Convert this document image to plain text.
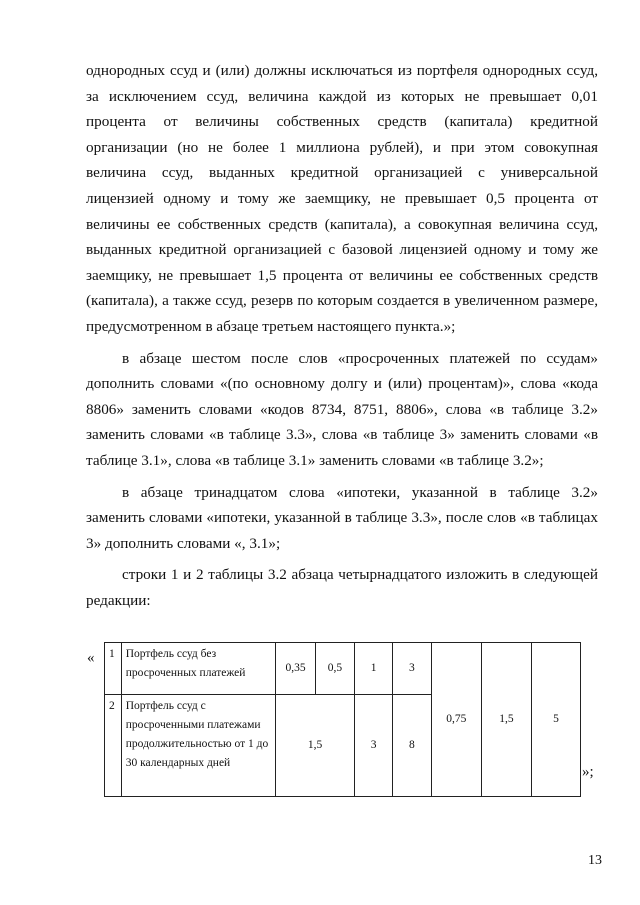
однородных ссуд и (или) должны исключаться из портфеля однородных ссуд, за исключением ссуд, величина каждой из которых не превышает 0,01 процента от величины собственных средств (капитала) кредитной организации (но не более 1 миллиона рублей), и при этом совокупная величина ссуд, выданных кредитной организацией с универсальной лицензией одному и тому же заемщику, не превышает 0,5 процента от величины ее собственных средств (капитала), а совокупная величина ссуд, выданных кредитной организацией с базовой лицензией одному и тому же заемщику, не превышает 1,5 процента от величины ее собственных средств (капитала), а также ссуд, резерв по которым создается в увеличенном размере, предусмотренном в абзаце третьем настоящего пункта.»;

в абзаце шестом после слов «просроченных платежей по ссудам» дополнить словами «(по основному долгу и (или) процентам)», слова «кода 8806» заменить словами «кодов 8734, 8751, 8806», слова «в таблице 3.2» заменить словами «в таблице 3.3», слова «в таблице 3» заменить словами «в таблице 3.1», слова «в таблице 3.1» заменить словами «в таблице 3.2»;

в абзаце тринадцатом слова «ипотеки, указанной в таблице 3.2» заменить словами «ипотеки, указанной в таблице 3.3», после слов «в таблицах 3» дополнить словами «, 3.1»;

строки 1 и 2 таблицы 3.2 абзаца четырнадцатого изложить в следующей редакции:

« 1	Портфель ссуд без просроченных платежей	0,35	0,5	1	3	0,75	1,5	5
2	Портфель ссуд с просроченными платежами продолжительностью от 1 до 30 календарных дней	1,5		3	8			
»;
13
